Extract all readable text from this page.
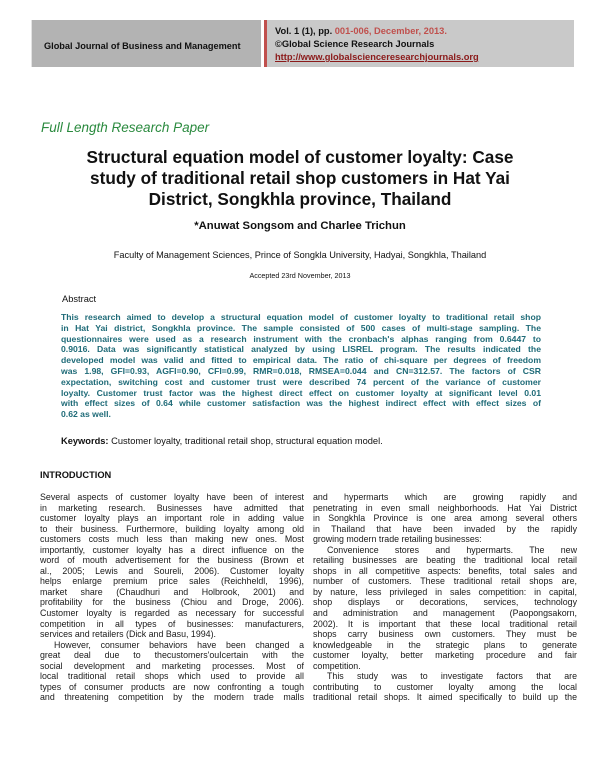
Global Journal of Business and Management
Vol. 1 (1), pp. 001-006, December, 2013.
©Global Science Research Journals
http://www.globalscienceresearchjournals.org
Full Length Research Paper
Structural equation model of customer loyalty: Case
study of traditional retail shop customers in Hat Yai
District, Songkhla province, Thailand
*Anuwat Songsom and Charlee Trichun
Faculty of Management Sciences, Prince of Songkla University, Hadyai, Songkhla, Thailand
Accepted 23rd November, 2013
Abstract
This research aimed to develop a structural equation model of customer loyalty to traditional retail shop
in Hat Yai district, Songkhla province. The sample consisted of 500 cases of multi-stage sampling. The
questionnaires were used as a research instrument with the cronbach's alphas ranging from 0.6447 to
0.9016. Data was significantly statistical analyzed by using LISREL program. The results indicated the
developed model was valid and fitted to empirical data. The ratio of chi-square per degrees of freedom
was 1.98, GFI=0.93, AGFI=0.90, CFI=0.99, RMR=0.018, RMSEA=0.044 and CN=312.57. The factors of CSR
expectation, switching cost and customer trust were described 74 percent of the variance of customer
loyalty. Customer trust factor was the highest direct effect on customer loyalty at significant level 0.01
with effect sizes of 0.64 while customer satisfaction was the highest indirect effect with effect sizes of
0.62 as well.
Keywords: Customer loyalty, traditional retail shop, structural equation model.
INTRODUCTION
Several aspects of customer loyalty have been of interest
in marketing research. Businesses have admitted that
customer loyalty plays an important role in adding value
to their business. Furthermore, building loyalty among old
customers costs much less than making new ones. Most
importantly, customer loyalty has a direct influence on the
word of mouth advertisement for the business (Brown et
al., 2005; Lewis and Soureli, 2006). Customer loyalty
helps enlarge premium price sales (Reichheldl, 1996),
market share (Chaudhuri and Holbrook, 2001) and
profitability for the business (Chiou and Droge, 2006).
Customer loyalty is regarded as necessary for successful
competition in all types of businesses: manufacturers,
services and retailers (Dick and Basu, 1994).
However, consumer behaviors have been changed a
great deal due to thecustomers'ouIcertain with the
social development and marketing processes. Most of
local traditional retail shops which used to provide all
types of consumer products are now confronting a tough
and threatening competition by the modern trade malls
and hypermarts which are growing rapidly and
penetrating in even small neighborhoods. Hat Yai District
in Songkhla Province is one area among several others
in Thailand that have been invaded by the rapidly
growing modern trade retailing businesses:
Convenience stores and hypermarts. The new
retailing businesses are beating the traditional local retail
shops in all competitive aspects: benefits, total sales and
number of customers. These traditional retail shops are,
by nature, less privileged in sales competition: in capital,
shop displays or decorations, services, technology
and administration and management (Paopongsakorn,
2002). It is important that these local traditional retail
shops carry business own customers. They must be
knowledgeable in the strategic plans to generate
customer loyalty, better marketing procedure and fair
competition.
This study was to investigate factors that are
contributing to customer loyalty among the local
traditional retail shops. It aimed specifically to build up the
